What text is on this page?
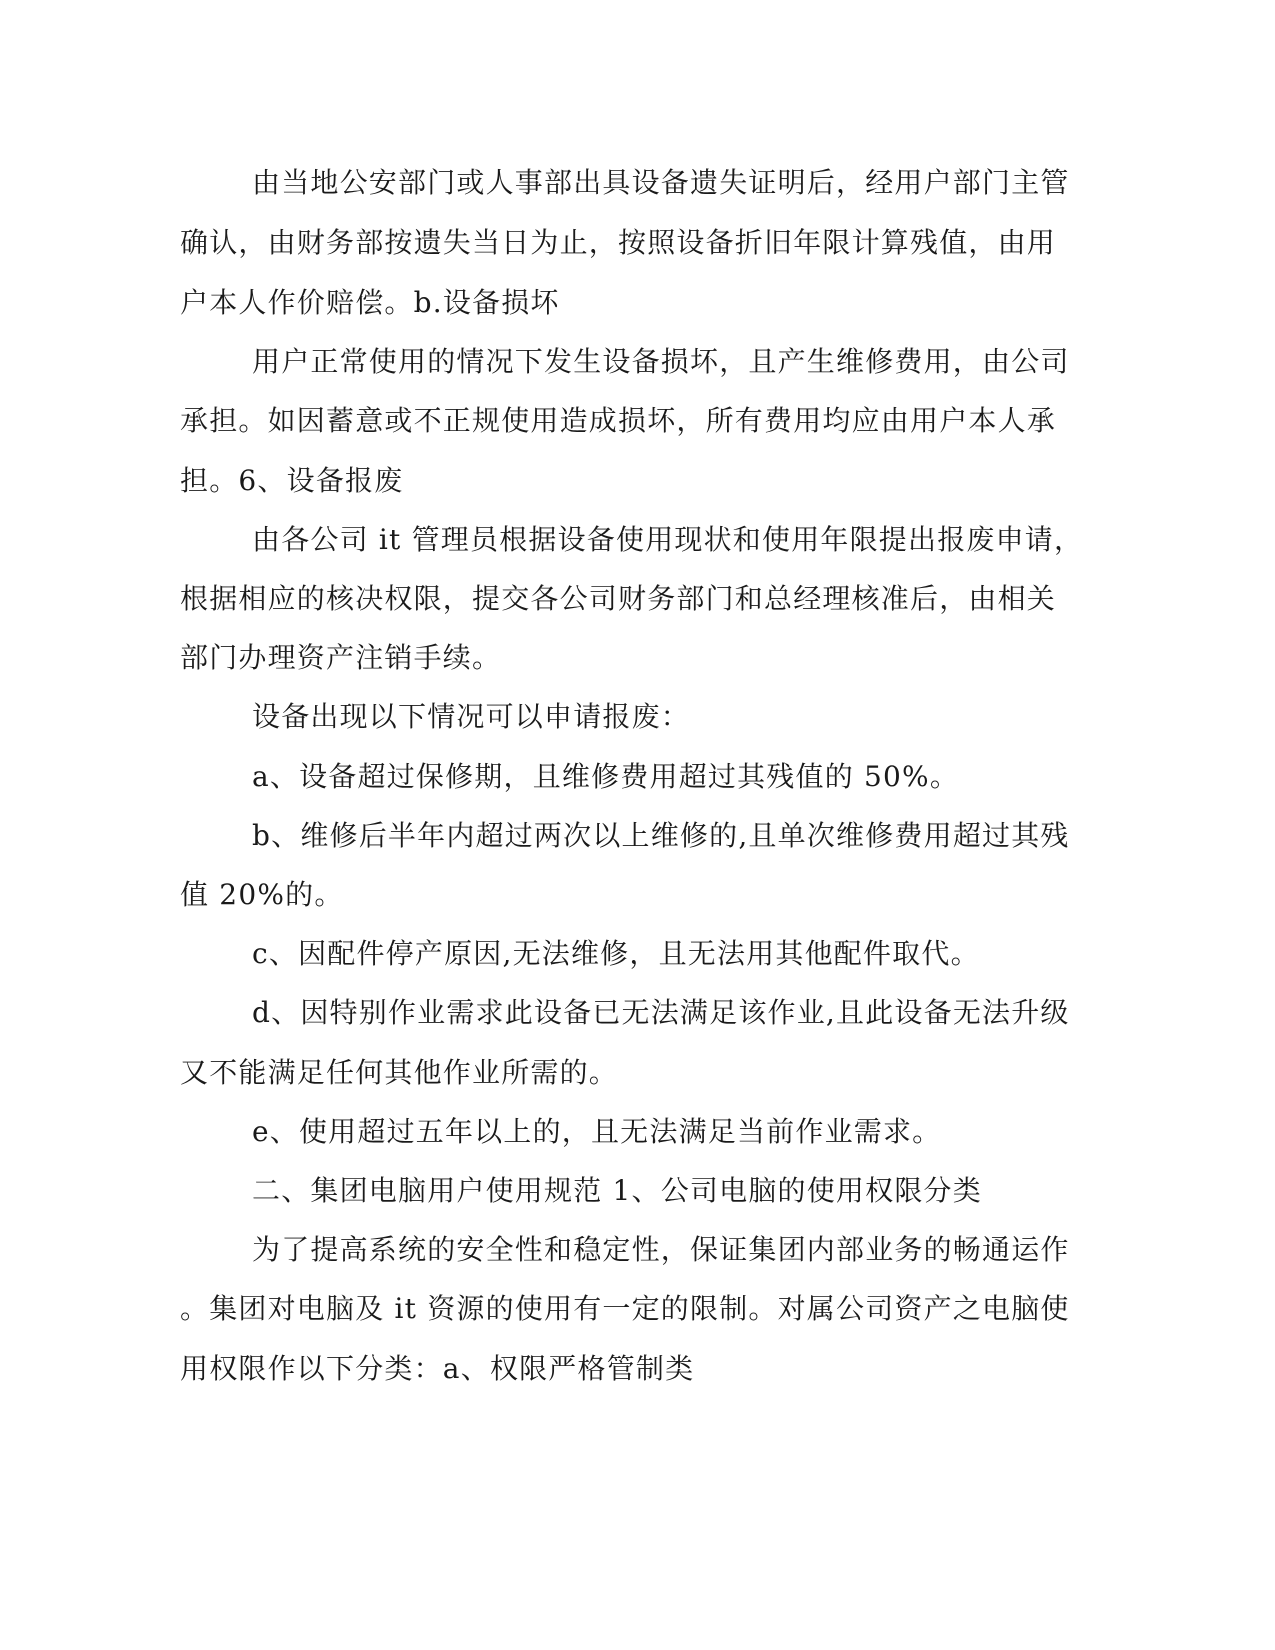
由当地公安部门或人事部出具设备遗失证明后，经用户部门主管
确认，由财务部按遗失当日为止，按照设备折旧年限计算残值，由用
户本人作价赔偿。b.设备损坏
用户正常使用的情况下发生设备损坏，且产生维修费用，由公司
承担。如因蓄意或不正规使用造成损坏，所有费用均应由用户本人承
担。6、设备报废
由各公司 it 管理员根据设备使用现状和使用年限提出报废申请，
根据相应的核决权限，提交各公司财务部门和总经理核准后，由相关
部门办理资产注销手续。
设备出现以下情况可以申请报废：
a、设备超过保修期，且维修费用超过其残值的 50%。
b、维修后半年内超过两次以上维修的,且单次维修费用超过其残
值 20%的。
c、因配件停产原因,无法维修，且无法用其他配件取代。
d、因特别作业需求此设备已无法满足该作业,且此设备无法升级
又不能满足任何其他作业所需的。
e、使用超过五年以上的，且无法满足当前作业需求。
二、集团电脑用户使用规范 1、公司电脑的使用权限分类
为了提高系统的安全性和稳定性，保证集团内部业务的畅通运作
。集团对电脑及 it 资源的使用有一定的限制。对属公司资产之电脑使
用权限作以下分类：a、权限严格管制类
